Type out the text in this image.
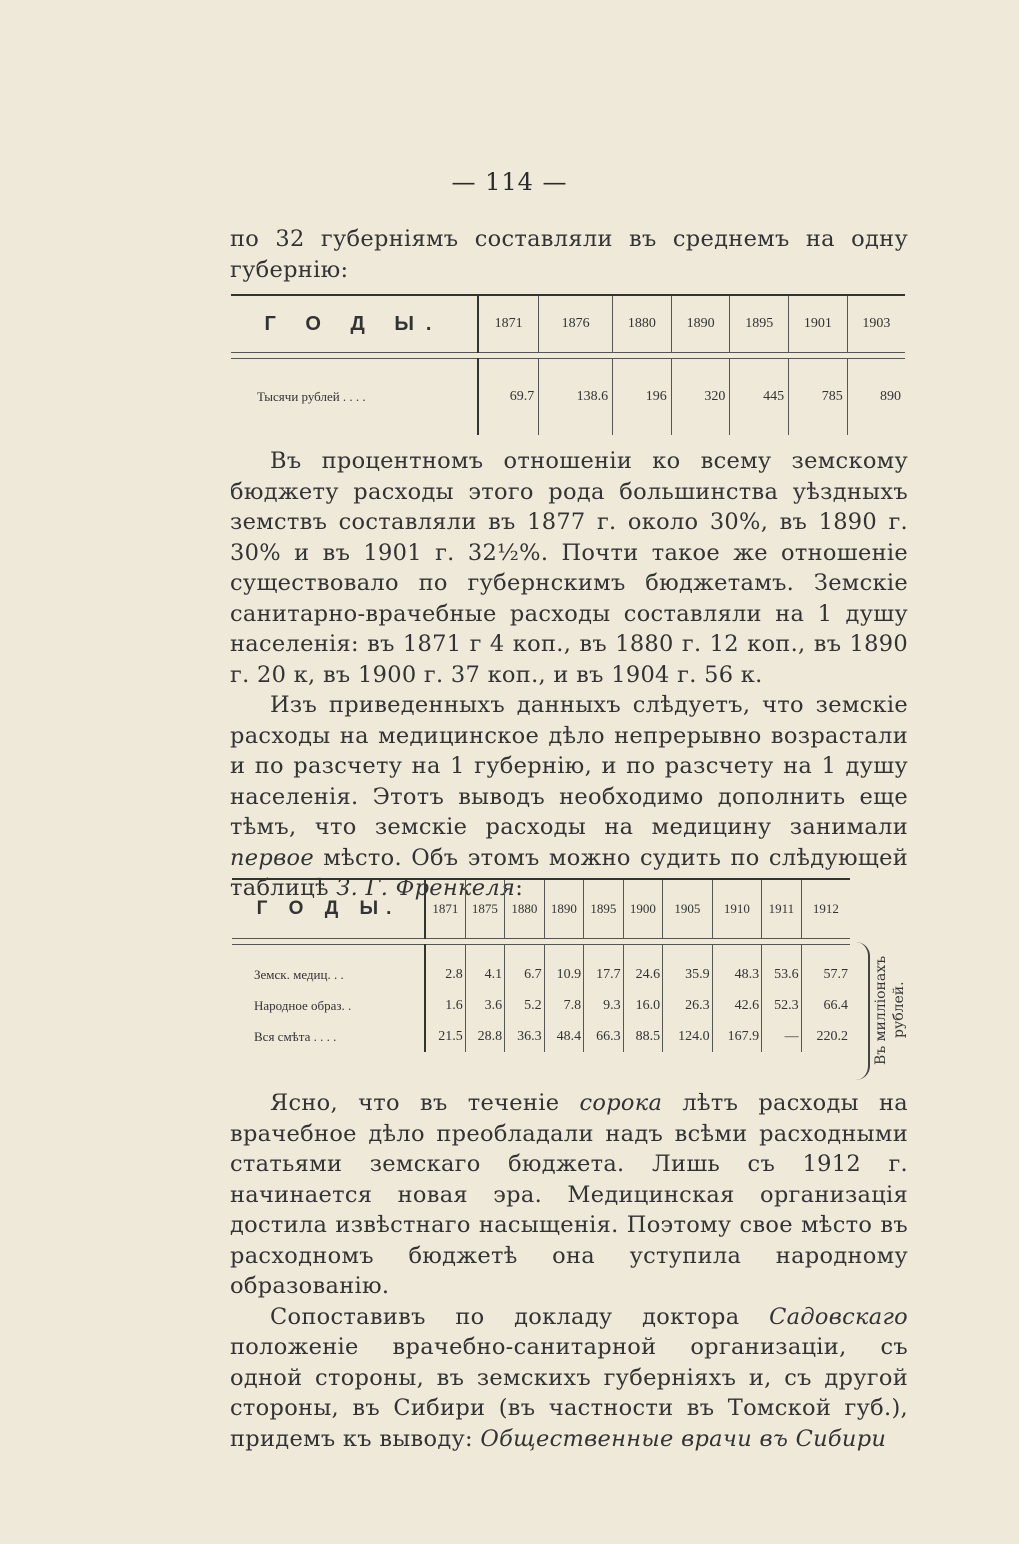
— 114 —
по 32 губерніямъ составляли въ среднемъ на одну губернію:
Г О Д Ы.	1871	1876	1880	1890	1895	1901	1903

Тысячи рублей . . . .	69.7	138.6	196	320	445	785	890
Въ процентномъ отношеніи ко всему земскому бюджету расходы этого рода большинства уѣздныхъ земствъ составляли въ 1877 г. около 30%, въ 1890 г. 30% и въ 1901 г. 32½%. Почти такое же отношеніе существовало по губернскимъ бюджетамъ. Земскіе санитарно-врачебные расходы составляли на 1 душу населенія: въ 1871 г 4 коп., въ 1880 г. 12 коп., въ 1890 г. 20 к, въ 1900 г. 37 коп., и въ 1904 г. 56 к.
Изъ приведенныхъ данныхъ слѣдуетъ, что земскіе расходы на медицинское дѣло непрерывно возрастали и по разсчету на 1 губернію, и по разсчету на 1 душу населенія. Этотъ выводъ необходимо дополнить еще тѣмъ, что земскіе расходы на медицину занимали первое мѣсто. Объ этомъ можно судить по слѣдующей таблицѣ З. Г. Френкеля:
Г О Д Ы.	1871	1875	1880	1890	1895	1900	1905	1910	1911	1912

Земск. медиц. . .	2.8	4.1	6.7	10.9	17.7	24.6	35.9	48.3	53.6	57.7
Народное образ. .	1.6	3.6	5.2	7.8	9.3	16.0	26.3	42.6	52.3	66.4
Вся смѣта . . . .	21.5	28.8	36.3	48.4	66.3	88.5	124.0	167.9	—	220.2 Въ милліонахъ рублей.
Ясно, что въ теченіе сорока лѣтъ расходы на врачебное дѣло преобладали надъ всѣми расходными статьями земскаго бюджета. Лишь съ 1912 г. начинается новая эра. Медицинская организація достила извѣстнаго насыщенія. Поэтому свое мѣсто въ расходномъ бюджетѣ она уступила народному образованію.
Сопоставивъ по докладу доктора Садовскаго положеніе врачебно-санитарной организаціи, съ одной стороны, въ земскихъ губерніяхъ и, съ другой стороны, въ Сибири (въ частности въ Томской губ.), придемъ къ выводу: Общественные врачи въ Сибири
